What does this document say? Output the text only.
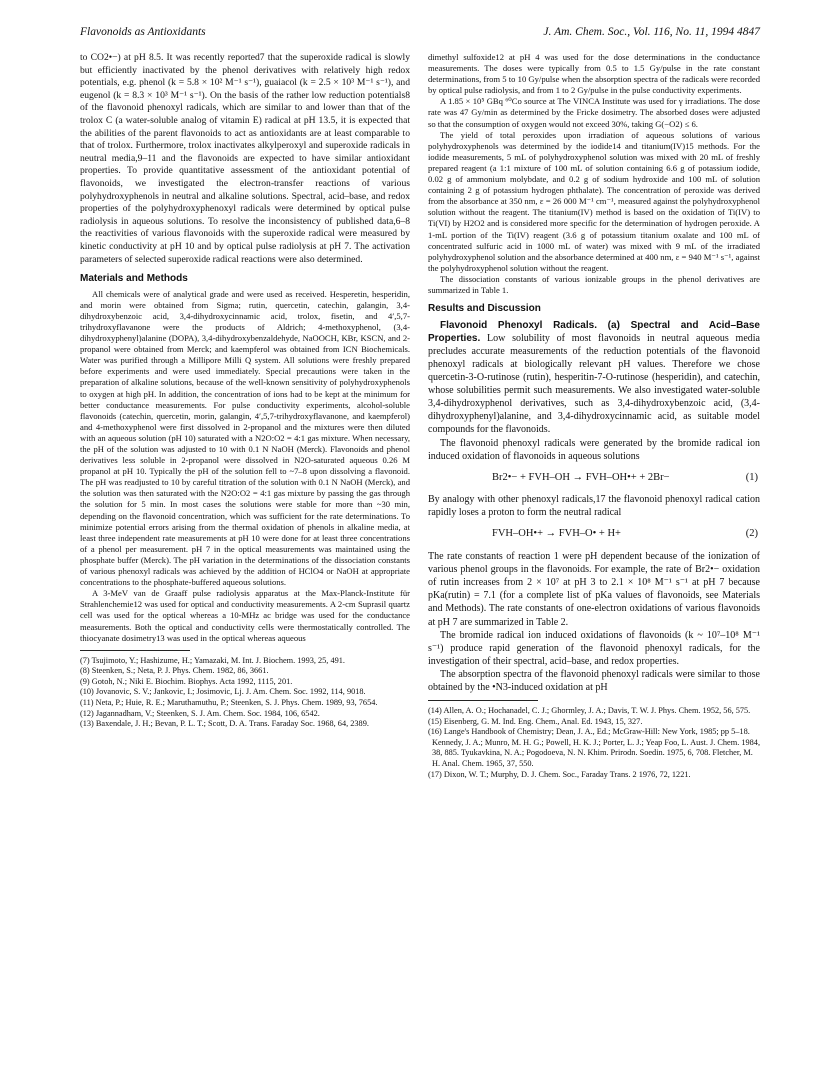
Flavonoids as Antioxidants	J. Am. Chem. Soc., Vol. 116, No. 11, 1994 4847

to CO2•−) at pH 8.5. It was recently reported7 that the superoxide radical is slowly but efficiently inactivated by the phenol derivatives with relatively high redox potentials, e.g. phenol (k = 5.8 × 10² M⁻¹ s⁻¹), guaiacol (k = 2.5 × 10³ M⁻¹ s⁻¹), and eugenol (k = 8.3 × 10³ M⁻¹ s⁻¹). On the basis of the rather low reduction potentials8 of the flavonoid phenoxyl radicals, which are similar to and lower than that of the trolox C (a water-soluble analog of vitamin E) radical at pH 13.5, it is expected that the abilities of the parent flavonoids to act as antioxidants are at least comparable to that of trolox. Furthermore, trolox inactivates alkylperoxyl and superoxide radicals in neutral media,9–11 and the flavonoids are expected to have similar antioxidant properties. To provide quantitative assessment of the antioxidant potential of flavonoids, we investigated the electron-transfer reactions of various polyhydroxyphenols in neutral and alkaline solutions. Spectral, acid–base, and redox properties of the polyhydroxyphenoxyl radicals were determined by optical pulse radiolysis in aqueous solutions. To resolve the inconsistency of published data,6–8 the reactivities of various flavonoids with the superoxide radical were measured by kinetic conductivity at pH 10 and by optical pulse radiolysis at pH 7. The activation parameters of selected superoxide radical reactions were also determined.

Materials and Methods

All chemicals were of analytical grade and were used as received. Hesperetin, hesperidin, and morin were obtained from Sigma; rutin, quercetin, catechin, galangin, 3,4-dihydroxybenzoic acid, 3,4-dihydroxycinnamic acid, trolox, fisetin, and 4′,5,7-trihydroxyflavanone were the products of Aldrich; 4-methoxyphenol, (3,4-dihydroxyphenyl)alanine (DOPA), 3,4-dihydroxybenzaldehyde, NaOOCH, KBr, KSCN, and 2-propanol were obtained from Merck; and kaempferol was obtained from ICN Biochemicals. Water was purified through a Millipore Milli Q system. All solutions were freshly prepared before experiments and were used immediately. Special precautions were taken in the preparation of alkaline solutions, because of the well-known sensitivity of polyhydroxyphenols to oxygen at high pH. In addition, the concentration of ions had to be kept at the minimum for better conductance measurements. For pulse conductivity experiments, alcohol-soluble flavonoids (catechin, quercetin, morin, galangin, 4′,5,7-trihydroxyflavanone, and kaempferol) and 4-methoxyphenol were first dissolved in 2-propanol and the mixtures were then diluted with an aqueous solution (pH 10) saturated with a N2O:O2 = 4:1 gas mixture. When necessary, the pH of the solution was adjusted to 10 with 0.1 N NaOH (Merck). Flavonoids and phenol derivatives less soluble in 2-propanol were dissolved in N2O-saturated aqueous 0.26 M propanol at pH 10. Typically the pH of the solution fell to ~7–8 upon dissolving a flavonoid. The pH was readjusted to 10 by careful titration of the solution with 0.1 N NaOH (Merck), and the solution was then saturated with the N2O:O2 = 4:1 gas mixture by passing the gas through the solution for 5 min. In most cases the solutions were stable for more than ~30 min, depending on the flavonoid concentration, which was sufficient for the rate determinations. To minimize potential errors arising from the thermal oxidation of phenols in alkaline media, at least three independent rate measurements at pH 10 were done for at least three concentrations of a phenol per measurement. pH 7 in the optical measurements was maintained using the phosphate buffer (Merck). The pH variation in the determinations of the dissociation constants of various phenoxyl radicals was achieved by the addition of HClO4 or NaOH at appropriate concentrations to the phosphate-buffered aqueous solutions.

A 3-MeV van de Graaff pulse radiolysis apparatus at the Max-Planck-Institute für Strahlenchemie12 was used for optical and conductivity measurements. A 2-cm Suprasil quartz cell was used for the optical whereas a 10-MHz ac bridge was used for the conductance measurements. Both the optical and conductivity cells were thermostatically controlled. The thiocyanate dosimetry13 was used in the optical whereas aqueous

(7) Tsujimoto, Y.; Hashizume, H.; Yamazaki, M. Int. J. Biochem. 1993, 25, 491.
(8) Steenken, S.; Neta, P. J. Phys. Chem. 1982, 86, 3661.
(9) Gotoh, N.; Niki E. Biochim. Biophys. Acta 1992, 1115, 201.
(10) Jovanovic, S. V.; Jankovic, I.; Josimovic, Lj. J. Am. Chem. Soc. 1992, 114, 9018.
(11) Neta, P.; Huie, R. E.; Maruthamuthu, P.; Steenken, S. J. Phys. Chem. 1989, 93, 7654.
(12) Jagannadham, V.; Steenken, S. J. Am. Chem. Soc. 1984, 106, 6542.
(13) Baxendale, J. H.; Bevan, P. L. T.; Scott, D. A. Trans. Faraday Soc. 1968, 64, 2389.

dimethyl sulfoxide12 at pH 4 was used for the dose determinations in the conductance measurements. The doses were typically from 0.5 to 1.5 Gy/pulse in the rate constant determinations, from 5 to 10 Gy/pulse when the absorption spectra of the radicals were recorded by optical pulse radiolysis, and from 1 to 2 Gy/pulse in the pulse conductivity experiments.

A 1.85 × 10⁵ GBq ⁶⁰Co source at The VINCA Institute was used for γ irradiations. The dose rate was 47 Gy/min as determined by the Fricke dosimetry. The absorbed doses were adjusted so that the consumption of oxygen would not exceed 30%, taking G(−O2) ≤ 6.

The yield of total peroxides upon irradiation of aqueous solutions of various polyhydroxyphenols was determined by the iodide14 and titanium(IV)15 methods. For the iodide measurements, 5 mL of polyhydroxyphenol solution was mixed with 20 mL of freshly prepared reagent (a 1:1 mixture of 100 mL of solution containing 6.6 g of potassium iodide, 0.02 g of ammonium molybdate, and 0.2 g of sodium hydroxide and 100 mL of solution containing 2 g of potassium hydrogen phthalate). The concentration of peroxide was derived from the absorbance at 350 nm, ε = 26 000 M⁻¹ cm⁻¹, measured against the polyhydroxyphenol solution without the reagent. The titanium(IV) method is based on the oxidation of Ti(IV) to Ti(VI) by H2O2 and is considered more specific for the determination of hydrogen peroxide. A 1-mL portion of the Ti(IV) reagent (3.6 g of potassium titanium oxalate and 100 mL of concentrated sulfuric acid in 1000 mL of water) was mixed with 9 mL of the irradiated polyhydroxyphenol solution and the absorbance determined at 400 nm, ε = 940 M⁻¹ s⁻¹, against the polyhydroxyphenol solution without the reagent.

The dissociation constants of various ionizable groups in the phenol derivatives are summarized in Table 1.

Results and Discussion

Flavonoid Phenoxyl Radicals. (a) Spectral and Acid–Base Properties. Low solubility of most flavonoids in neutral aqueous media precludes accurate measurements of the reduction potentials of the flavonoid phenoxyl radicals at biologically relevant pH values. Therefore we chose quercetin-3-O-rutinose (rutin), hesperitin-7-O-rutinose (hesperidin), and catechin, whose solubilities permit such measurements. We also investigated water-soluble 3,4-dihydroxyphenol derivatives, such as 3,4-dihydroxybenzoic acid, (3,4-dihydroxyphenyl)alanine, and 3,4-dihydroxycinnamic acid, as suitable model compounds for the flavonoids.

The flavonoid phenoxyl radicals were generated by the bromide radical ion induced oxidation of flavonoids in aqueous solutions

Br2•− + FVH–OH → FVH–OH•+ + 2Br−	(1)

By analogy with other phenoxyl radicals,17 the flavonoid phenoxyl radical cation rapidly loses a proton to form the neutral radical

FVH–OH•+ → FVH–O• + H+	(2)

The rate constants of reaction 1 were pH dependent because of the ionization of various phenol groups in the flavonoids. For example, the rate of Br2•− oxidation of rutin increases from 2 × 10⁷ at pH 3 to 2.1 × 10⁸ M⁻¹ s⁻¹ at pH 7 because pKa(rutin) = 7.1 (for a complete list of pKa values of flavonoids, see Materials and Methods). The rate constants of one-electron oxidations of various flavonoids at pH 7 are summarized in Table 2.

The bromide radical ion induced oxidations of flavonoids (k ~ 10⁷–10⁸ M⁻¹ s⁻¹) produce rapid generation of the flavonoid phenoxyl radicals, for the investigation of their spectral, acid–base, and redox properties.

The absorption spectra of the flavonoid phenoxyl radicals were similar to those obtained by the •N3-induced oxidation at pH

(14) Allen, A. O.; Hochanadel, C. J.; Ghormley, J. A.; Davis, T. W. J. Phys. Chem. 1952, 56, 575.
(15) Eisenberg, G. M. Ind. Eng. Chem., Anal. Ed. 1943, 15, 327.
(16) Lange's Handbook of Chemistry; Dean, J. A., Ed.; McGraw-Hill: New York, 1985; pp 5–18. Kennedy, J. A.; Munro, M. H. G.; Powell, H. K. J.; Porter, L. J.; Yeap Foo, L. Aust. J. Chem. 1984, 38, 885. Tyukavkina, N. A.; Pogodoeva, N. N. Khim. Prirodn. Soedin. 1975, 6, 708. Fletcher, M. H. Anal. Chem. 1965, 37, 550.
(17) Dixon, W. T.; Murphy, D. J. Chem. Soc., Faraday Trans. 2 1976, 72, 1221.
